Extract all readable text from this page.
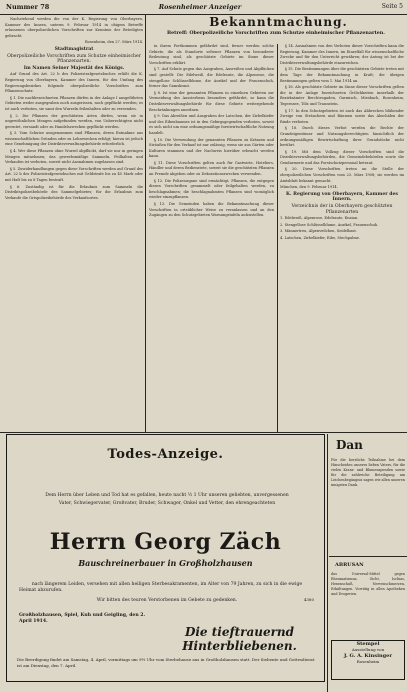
Nummer 78	Rosenheimer Anzeiger	Seite 5

Nachstehend werden die von der K. Regierung von Oberbayern, Kammer des Innern, unterm 9. Februar 1914 in obigem Betreffe erlassenen oberpolizeilichen Vorschriften zur Kenntnis der Beteiligten gebracht.

Rosenheim, den 27. März 1914.

Stadtmagistrat
Oberpolizeiliche Vorschriften zum Schutze einheimischer Pflanzenarten.
Im Namen Seiner Majestät des Königs.

Auf Grund des Art. 22 b des Polizeistrafgesetzbuches erläßt die K. Regierung von Oberbayern, Kammer des Innern, für den Umfang des Regierungsbezirkes folgende oberpolizeiliche Vorschriften zum Pflanzenschutz:

§ 1. Die nachbezeichneten Pflanzen dürfen in der Anlage I ausgeführten Gebieten weder ausgegraben noch ausgerissen, noch gepflückt werden; es ist auch verboten, sie samt den Wurzeln feilzuhalten oder zu versenden.

§ 2. Die Pflanzen der geschützten Arten dürfen, wenn sie in ungewöhnlichen Mengen aufgefunden werden, von Unberechtigten nicht geerntet, versandt oder zu Handelszwecken gepflückt werden.

§ 3. Vom Schutze ausgenommen sind Pflanzen, deren Entnahme aus wissenschaftlichen Gründen oder zu Lehrzwecken erfolgt; hierzu ist jedoch eine Genehmigung der Distriktsverwaltungsbehörde erforderlich.

§ 4. Wer diese Pflanzen ohne Wurzel abpflückt, darf sie nur in geringen Mengen mitnehmen; das gewerbsmäßige Sammeln, Feilhalten und Verkaufen ist verboten, soweit nicht Ausnahmen zugelassen sind.

§ 5. Zuwiderhandlungen gegen diese Vorschriften werden auf Grund des Art. 22 b des Polizeistrafgesetzbuches mit Geldstrafe bis zu 45 Mark oder mit Haft bis zu 8 Tagen bestraft.

§ 6. Zuständig ist für die Erlaubnis zum Sammeln die Distriktspolizeibehörde des Sammelgebietes; für die Erlaubnis zum Verkaufe die Ortspolizeibehörde des Verkaufsortes.

Bekanntmachung.
Betreff: Oberpolizeiliche Vorschriften zum Schutze einheimischer Pflanzenarten.

in ihrem Fortkommen gefährdet sind, ferner werden solche Gebiete, die als Standorte seltener Pflanzen von besonderer Bedeutung sind, als geschützte Gebiete im Sinne dieser Vorschriften erklärt.

§ 7. Auf Schutz gegen das Ausgraben, Ausreißen und Abpflücken sind gestellt: Die Edelweiß, die Edelraute, die Alpenrose, die stengellose Schlüsselblume, die Aurikel und der Frauenschuh, ferner das Gamskraut.

§ 8. Ist eine der genannten Pflanzen in einzelnen Gebieten zur Vermeidung des Aussterbens besonders gefährdet, so kann die Distriktsverwaltungsbehörde für diese Gebiete weitergehende Beschränkungen anordnen.

§ 9. Das Abreißen und Ausgraben der Latschen, der Zirbelkiefer und des Eibenbaumes ist in den Gebirgsgegenden verboten, soweit es sich nicht um eine ordnungsmäßige forstwirtschaftliche Nutzung handelt.

§ 10. Die Verwendung der genannten Pflanzen zu Kränzen und Sträußen für den Verkauf ist nur zulässig, wenn sie aus Gärten oder Kulturen stammen und der Nachweis hierüber erbracht werden kann.

§ 11. Diese Vorschriften gelten auch für Gastwirte, Hoteliers, Händler und deren Bedienstete, soweit sie die geschützten Pflanzen an Fremde abgeben oder zu Dekorationszwecken verwenden.

§ 12. Die Polizeiorgane sind ermächtigt, Pflanzen, die entgegen diesen Vorschriften gesammelt oder feilgehalten werden, zu beschlagnahmen; die beschlagnahmten Pflanzen sind womöglich wieder einzupflanzen.

§ 13. Die Gemeinden haben die Bekanntmachung dieser Vorschriften in ortsüblicher Weise zu veranlassen und an den Zugängen zu den Schutzgebieten Warnungstafeln aufzustellen.

§ 14. Ausnahmen von den Verboten dieser Vorschriften kann die Regierung, Kammer des Innern, im Einzelfall für wissenschaftliche Zwecke und für den Unterricht gewähren; der Antrag ist bei der Distriktsverwaltungsbehörde einzureichen.

§ 15. Die Bestimmungen über die geschützten Gebiete treten mit dem Tage der Bekanntmachung in Kraft; die übrigen Bestimmungen gelten vom 1. Mai 1914 an.

§ 16. Als geschützte Gebiete im Sinne dieser Vorschriften gelten die in der Anlage bezeichneten Örtlichkeiten innerhalb der Bezirksämter Berchtesgaden, Garmisch, Miesbach, Rosenheim, Tegernsee, Tölz und Traunstein.

§ 17. In den Schutzgebieten ist auch das Abbrechen blühender Zweige von Sträuchern und Bäumen sowie das Abschälen der Rinde verboten.

§ 18. Durch dieses Verbot werden die Rechte der Grundeigentümer und Nutzungsberechtigten hinsichtlich der ordnungsmäßigen Bewirtschaftung ihrer Grundstücke nicht berührt.

§ 19. Mit dem Vollzug dieser Vorschriften sind die Distriktsverwaltungsbehörden, die Gemeindebehörden sowie die Gendarmerie und das Forstschutzpersonal betraut.

§ 20. Diese Vorschriften treten an die Stelle der oberpolizeilichen Vorschriften vom 23. März 1908; sie werden im Amtsblatt bekannt gemacht.

München, den 9. Februar 1914.

K. Regierung von Oberbayern, Kammer des Innern.
Verzeichnis der in Oberbayern geschützten Pflanzenarten

1. Edelweiß, Alpenrose, Edelraute, Enzian.

2. Stengellose Schlüsselblume, Aurikel, Frauenschuh.

3. Männertreu, Alpenveilchen, Seidelbast.

4. Latschen, Zirbelkiefer, Eibe, Stechpalme.

Todes-Anzeige.
Dem Herrn über Leben und Tod hat es gefallen, heute nacht ½ 1 Uhr unseren geliebten, unvergessenen
Vater, Schwiegervater, Großvater, Bruder, Schwager, Onkel und Vetter, den ehrengeachteten
Herrn Georg Zäch
Bauschreinerbauer in Großholzhausen
nach längerem Leiden, versehen mit allen heiligen Sterbesakramenten, im Alter von 79 Jahren, zu sich in die ewige
Heimat abzurufen.
Wir bitten des teuren Verstorbenen im Gebete zu gedenken.	4380
Großholzhausen, Spiel, Kuh und Geigling, den 2. April 1914.
Die tieftrauernd Hinterbliebenen.
Die Beerdigung findet am Samstag, 4. April, vormittags um 9½ Uhr vom Sterbehause aus in Großholzhausen statt. Der Siebente und Gottesdienst ist am Dienstag, den 7. April.
Dan
Für die herzliche Teilnahme bei dem Hinscheiden unseres lieben Vaters, für die vielen Kranz- und Blumenspenden sowie für die zahlreiche Beteiligung am Leichenbegängnis sagen wir allen unseren innigsten Dank.
ABRUSAN
das Universal-Mittel gegen Rheumatismus, Gicht, Ischias, Hexenschuß, Nervenschmerzen, Erkältungen. Vorrätig in allen Apotheken und Drogerien.
Stempel
Ausstellung von
J. G. A. Kinsinger
Rosenheim
